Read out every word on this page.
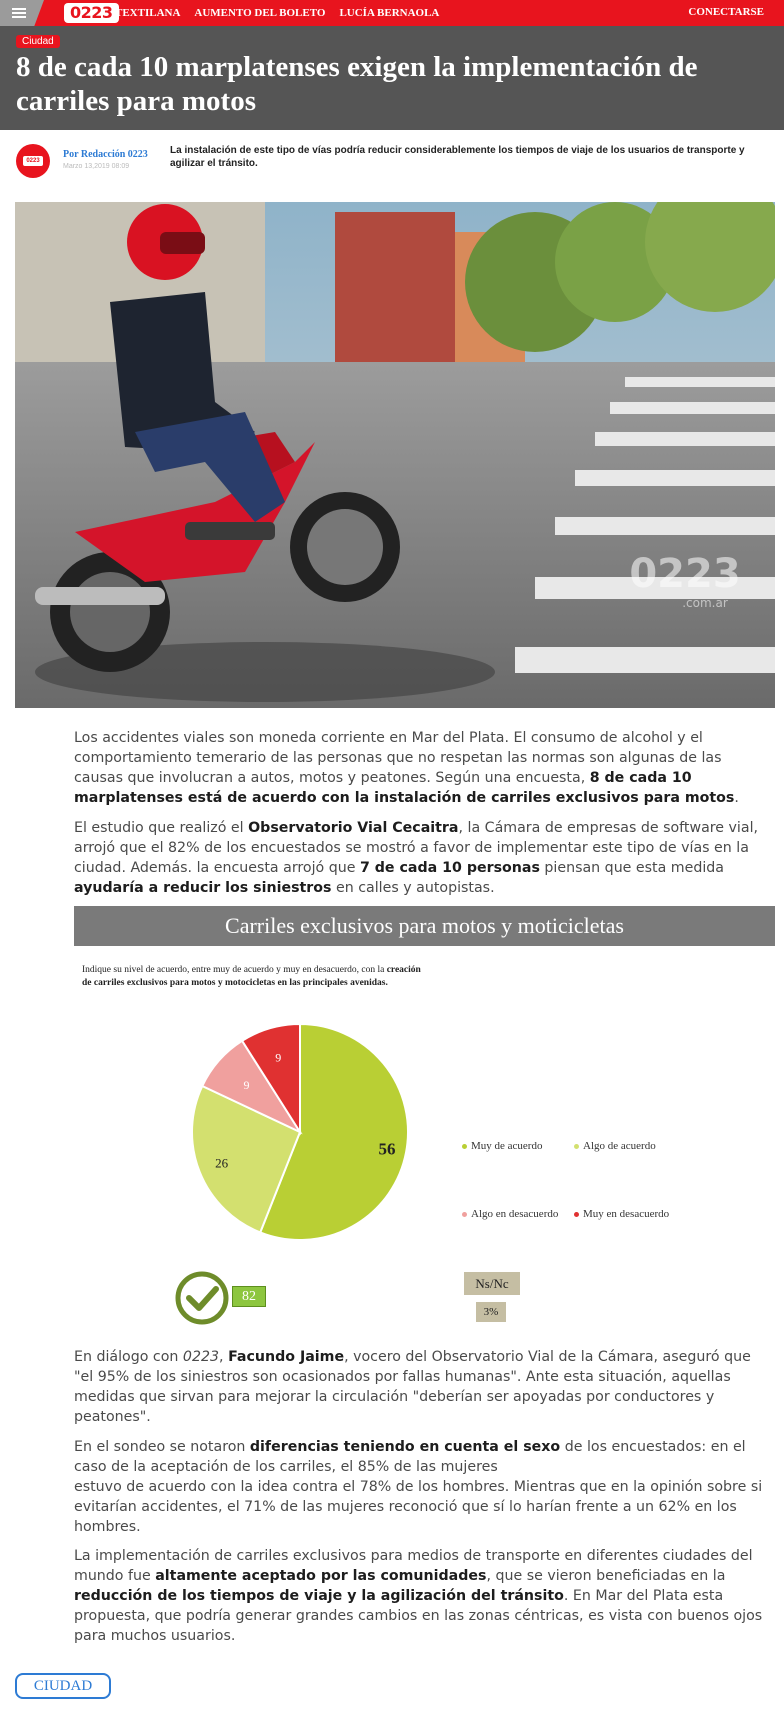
0223 TEXTILANA AUMENTO DEL BOLETO LUCÍA BERNAOLA	CONECTARSE
Ciudad
8 de cada 10 marplatenses exigen la implementación de carriles para motos
0223
Por Redacción 0223
Marzo 13,2019 08:09
La instalación de este tipo de vías podría reducir considerablemente los tiempos de viaje de los usuarios de transporte y agilizar el tránsito.
0223
.com.ar

Los accidentes viales son moneda corriente en Mar del Plata. El consumo de alcohol y el comportamiento temerario de las personas que no respetan las normas son algunas de las causas que involucran a autos, motos y peatones. Según una encuesta, 8 de cada 10 marplatenses está de acuerdo con la instalación de carriles exclusivos para motos.

El estudio que realizó el Observatorio Vial Cecaitra, la Cámara de empresas de software vial, arrojó que el 82% de los encuestados se mostró a favor de implementar este tipo de vías en la ciudad. Además. la encuesta arrojó que 7 de cada 10 personas piensan que esta medida ayudaría a reducir los siniestros en calles y autopistas.

Carriles exclusivos para motos y moticicletas
Indique su nivel de acuerdo, entre muy de acuerdo y muy en desacuerdo, con la creación de carriles exclusivos para motos y motocicletas en las principales avenidas.
56
26
9
9
Muy de acuerdo	Algo de acuerdo
Algo en desacuerdo	Muy en desacuerdo
82
Ns/Nc
3%

En diálogo con 0223, Facundo Jaime, vocero del Observatorio Vial de la Cámara, aseguró que "el 95% de los siniestros son ocasionados por fallas humanas". Ante esta situación, aquellas medidas que sirvan para mejorar la circulación "deberían ser apoyadas por conductores y peatones".

En el sondeo se notaron diferencias teniendo en cuenta el sexo de los encuestados: en el caso de la aceptación de los carriles, el 85% de las mujeres
estuvo de acuerdo con la idea contra el 78% de los hombres. Mientras que en la opinión sobre si evitarían accidentes, el 71% de las mujeres reconoció que sí lo harían frente a un 62% en los hombres.

La implementación de carriles exclusivos para medios de transporte en diferentes ciudades del mundo fue altamente aceptado por las comunidades, que se vieron beneficiadas en la reducción de los tiempos de viaje y la agilización del tránsito. En Mar del Plata esta propuesta, que podría generar grandes cambios en las zonas céntricas, es vista con buenos ojos para muchos usuarios.

CIUDAD
